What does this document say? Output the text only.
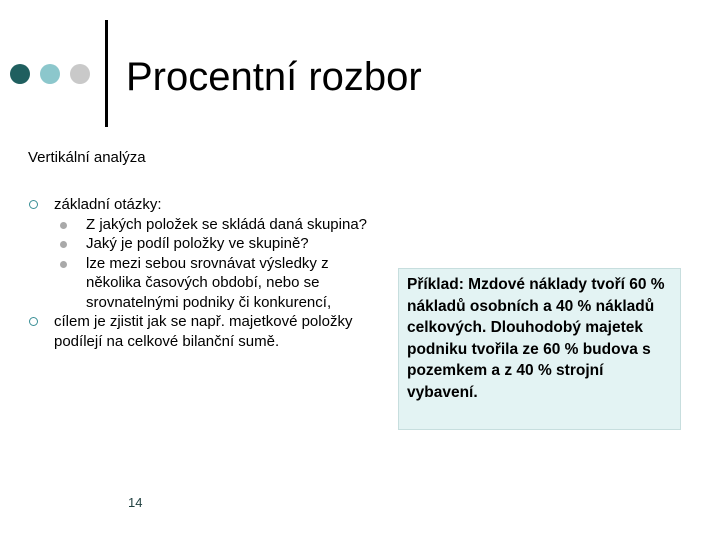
Procentní rozbor
Vertikální analýza
základní otázky:
Z jakých položek se skládá daná skupina?
Jaký je podíl položky ve skupině?
lze mezi sebou srovnávat výsledky z několika časových období, nebo se srovnatelnými podniky či konkurencí,
cílem je zjistit jak se např. majetkové položky podílejí na celkové bilanční sumě.
Příklad: Mzdové náklady tvoří 60 % nákladů osobních a 40 % nákladů celkových. Dlouhodobý majetek podniku tvořila ze 60 % budova s pozemkem a z 40 % strojní vybavení.
14
